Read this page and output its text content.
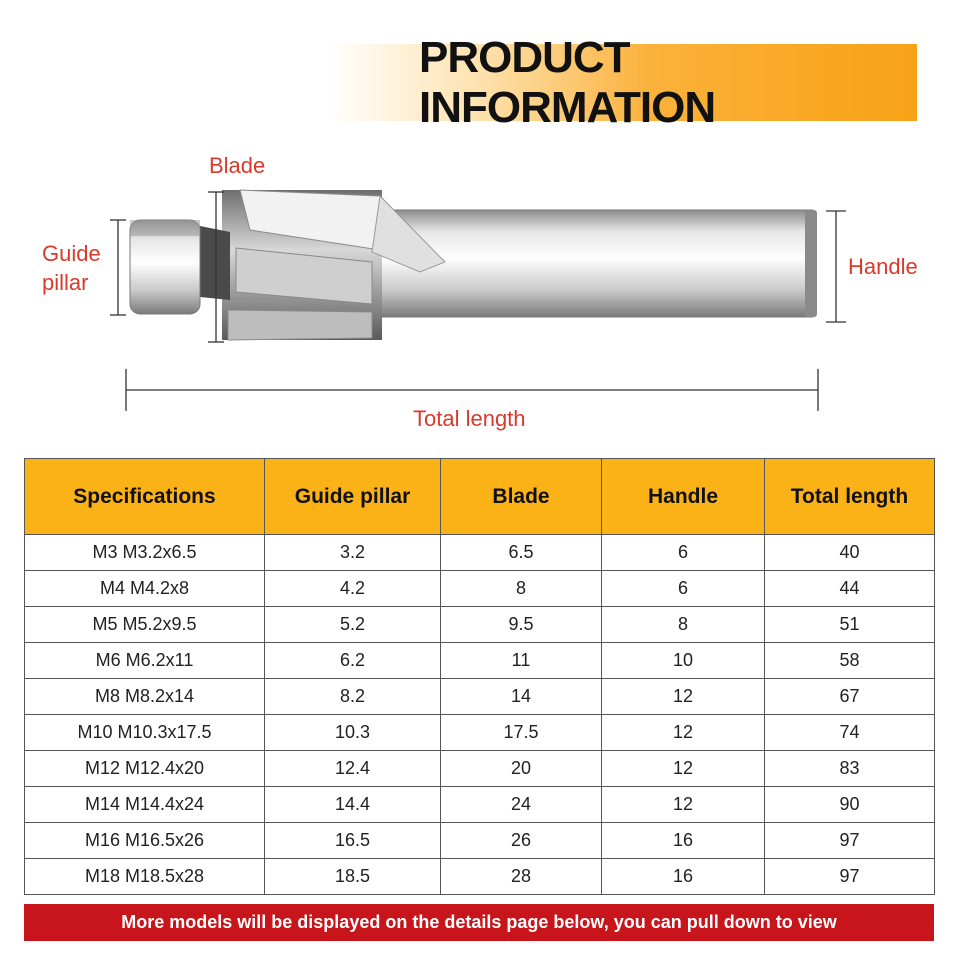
PRODUCT INFORMATION
Blade
Guide
pillar
Handle
Total length
Specifications	Guide pillar	Blade	Handle	Total length
M3 M3.2x6.5	3.2	6.5	6	40
M4 M4.2x8	4.2	8	6	44
M5 M5.2x9.5	5.2	9.5	8	51
M6 M6.2x11	6.2	11	10	58
M8 M8.2x14	8.2	14	12	67
M10 M10.3x17.5	10.3	17.5	12	74
M12 M12.4x20	12.4	20	12	83
M14 M14.4x24	14.4	24	12	90
M16 M16.5x26	16.5	26	16	97
M18 M18.5x28	18.5	28	16	97
More models will be displayed on the details page below, you can pull down to view
